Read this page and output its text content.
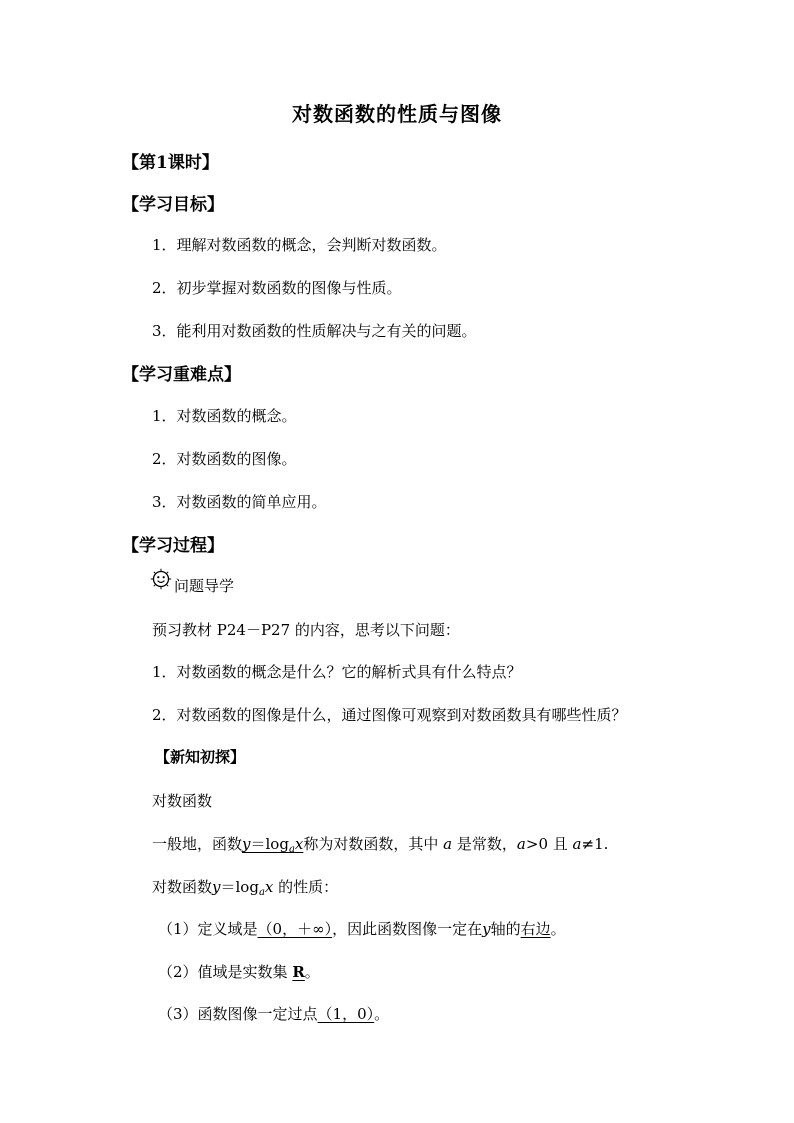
对数函数的性质与图像
【第1课时】
【学习目标】
1．理解对数函数的概念，会判断对数函数。
2．初步掌握对数函数的图像与性质。
3．能利用对数函数的性质解决与之有关的问题。
【学习重难点】
1．对数函数的概念。
2．对数函数的图像。
3．对数函数的简单应用。
【学习过程】
问题导学
预习教材 P24－P27 的内容，思考以下问题：
1．对数函数的概念是什么？它的解析式具有什么特点？
2．对数函数的图像是什么，通过图像可观察到对数函数具有哪些性质？
【新知初探】
对数函数
一般地，函数$y=\log_ax$称为对数函数，其中 a 是常数，a>0 且 a≠1.
对数函数$y=\log_ax$ 的性质：
（1）定义域是（0，＋∞），因此函数图像一定在y轴的右边。
（2）值域是实数集 R。
（3）函数图像一定过点（1，0）。
